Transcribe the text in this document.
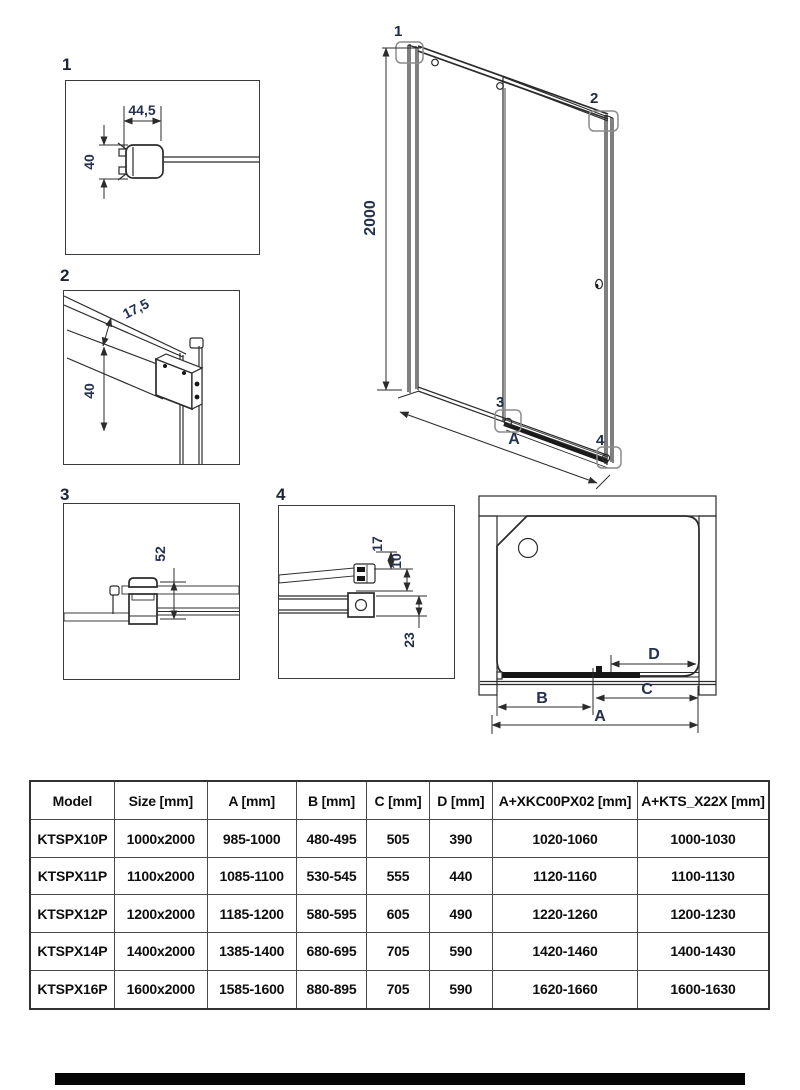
1
44,5
40
2
17,5
40
3
52
4
17
10
23
1
2
3
4
2000
A
D
C
B
A
Model	Size [mm]	A [mm]	B [mm]	C [mm]	D [mm]	A+XKC00PX02 [mm]	A+KTS_X22X [mm]
KTSPX10P	1000x2000	985-1000	480-495	505	390	1020-1060	1000-1030
KTSPX11P	1100x2000	1085-1100	530-545	555	440	1120-1160	1100-1130
KTSPX12P	1200x2000	1185-1200	580-595	605	490	1220-1260	1200-1230
KTSPX14P	1400x2000	1385-1400	680-695	705	590	1420-1460	1400-1430
KTSPX16P	1600x2000	1585-1600	880-895	705	590	1620-1660	1600-1630
